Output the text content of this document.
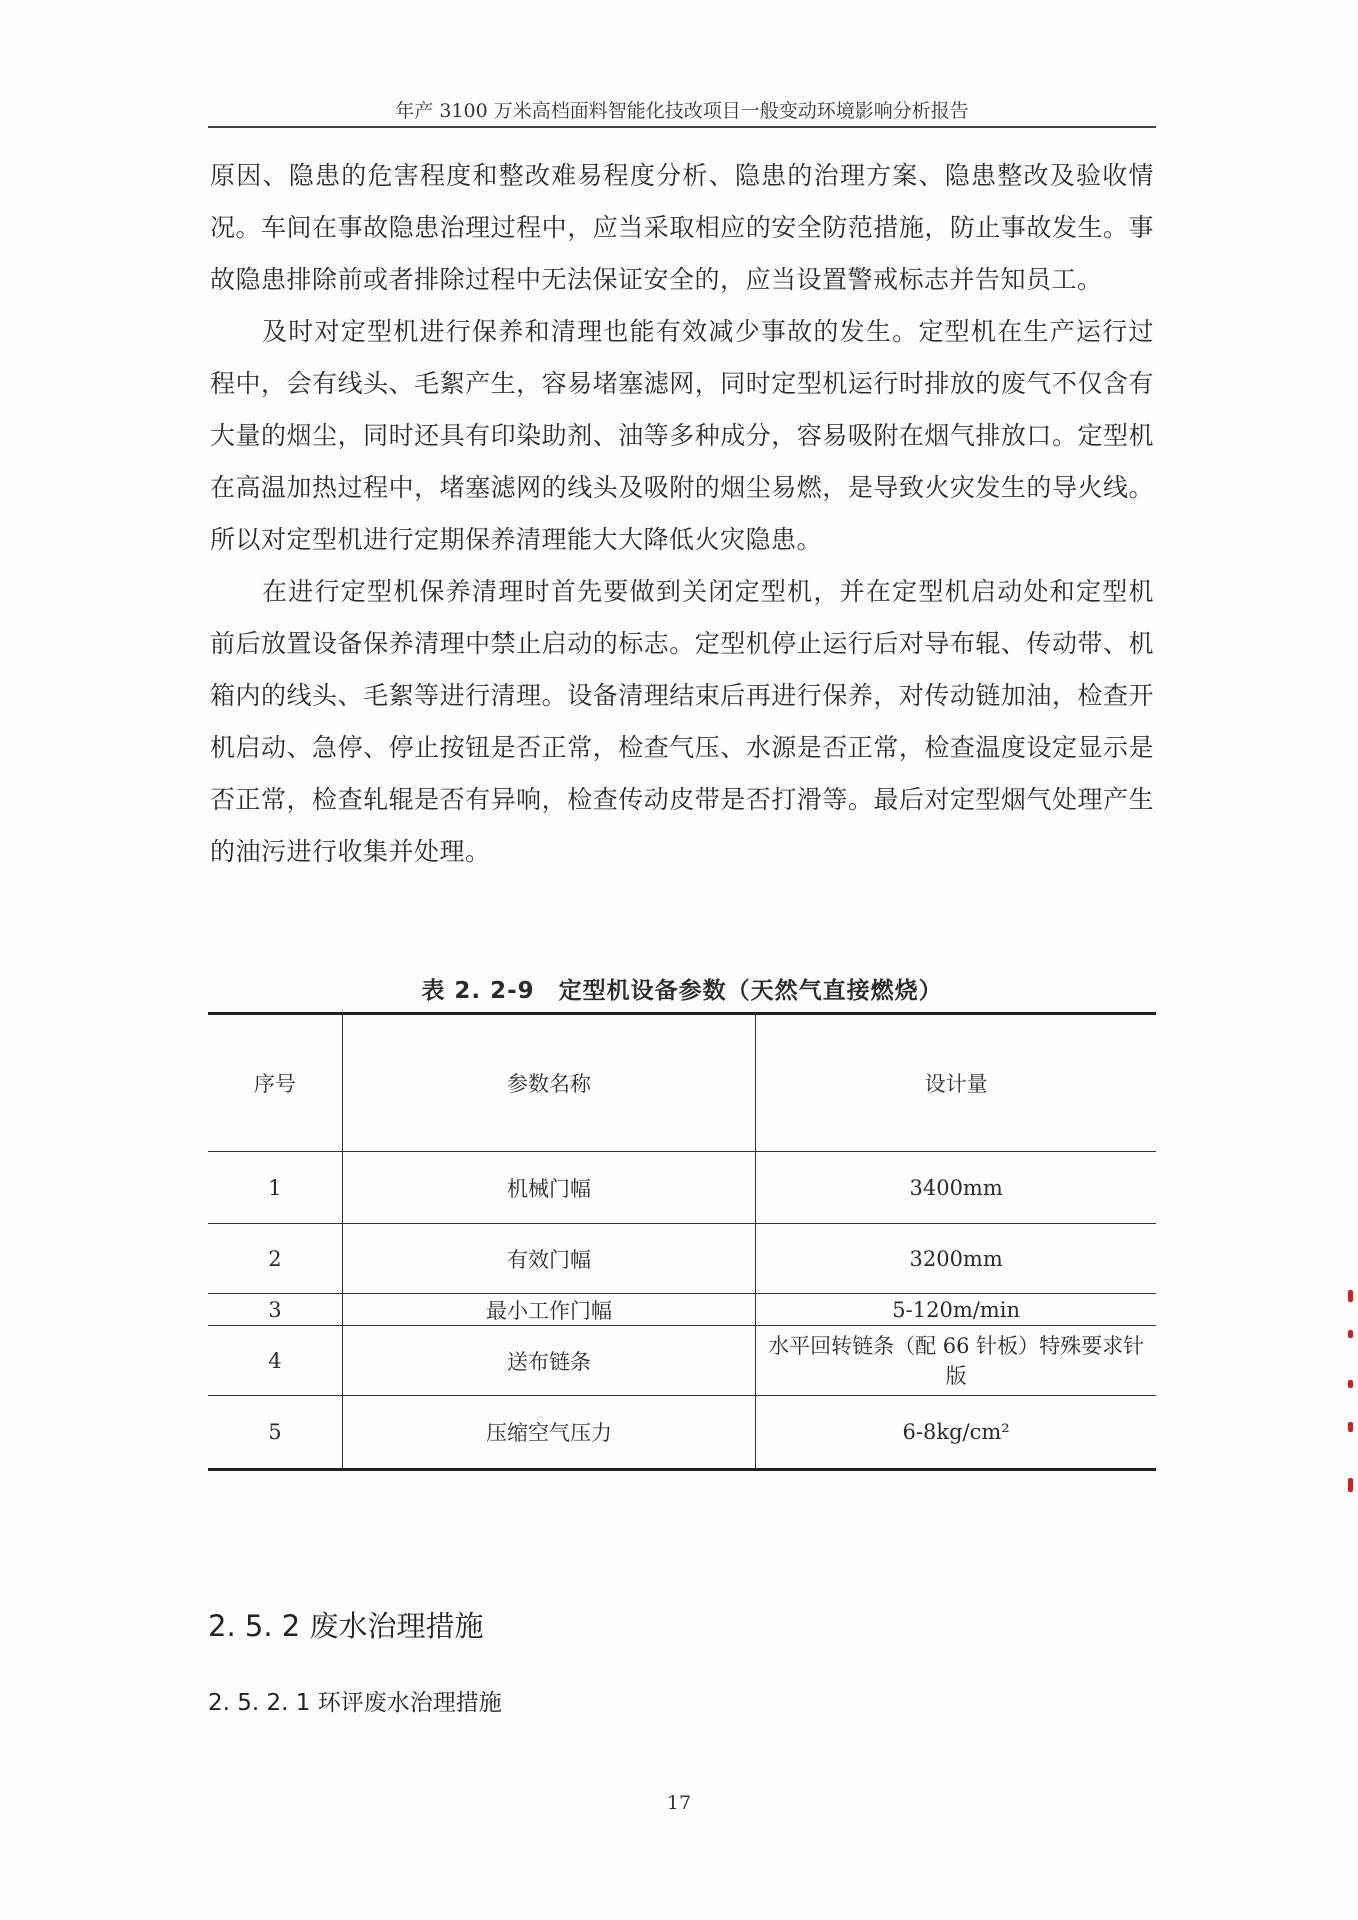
年产 3100 万米高档面料智能化技改项目一般变动环境影响分析报告

原因、隐患的危害程度和整改难易程度分析、隐患的治理方案、隐患整改及验收情况。车间在事故隐患治理过程中，应当采取相应的安全防范措施，防止事故发生。事故隐患排除前或者排除过程中无法保证安全的，应当设置警戒标志并告知员工。

及时对定型机进行保养和清理也能有效减少事故的发生。定型机在生产运行过程中，会有线头、毛絮产生，容易堵塞滤网，同时定型机运行时排放的废气不仅含有大量的烟尘，同时还具有印染助剂、油等多种成分，容易吸附在烟气排放口。定型机在高温加热过程中，堵塞滤网的线头及吸附的烟尘易燃，是导致火灾发生的导火线。所以对定型机进行定期保养清理能大大降低火灾隐患。

在进行定型机保养清理时首先要做到关闭定型机，并在定型机启动处和定型机前后放置设备保养清理中禁止启动的标志。定型机停止运行后对导布辊、传动带、机箱内的线头、毛絮等进行清理。设备清理结束后再进行保养，对传动链加油，检查开机启动、急停、停止按钮是否正常，检查气压、水源是否正常，检查温度设定显示是否正常，检查轧辊是否有异响，检查传动皮带是否打滑等。最后对定型烟气处理产生的油污进行收集并处理。

表 2. 2-9　定型机设备参数（天然气直接燃烧）
序号	参数名称	设计量
1	机械门幅	3400mm
2	有效门幅	3200mm
3	最小工作门幅	5-120m/min
4	送布链条	水平回转链条（配 66 针板）特殊要求针版
5	压缩空气压力	6-8kg/cm²
2. 5. 2 废水治理措施
2. 5. 2. 1 环评废水治理措施
17
